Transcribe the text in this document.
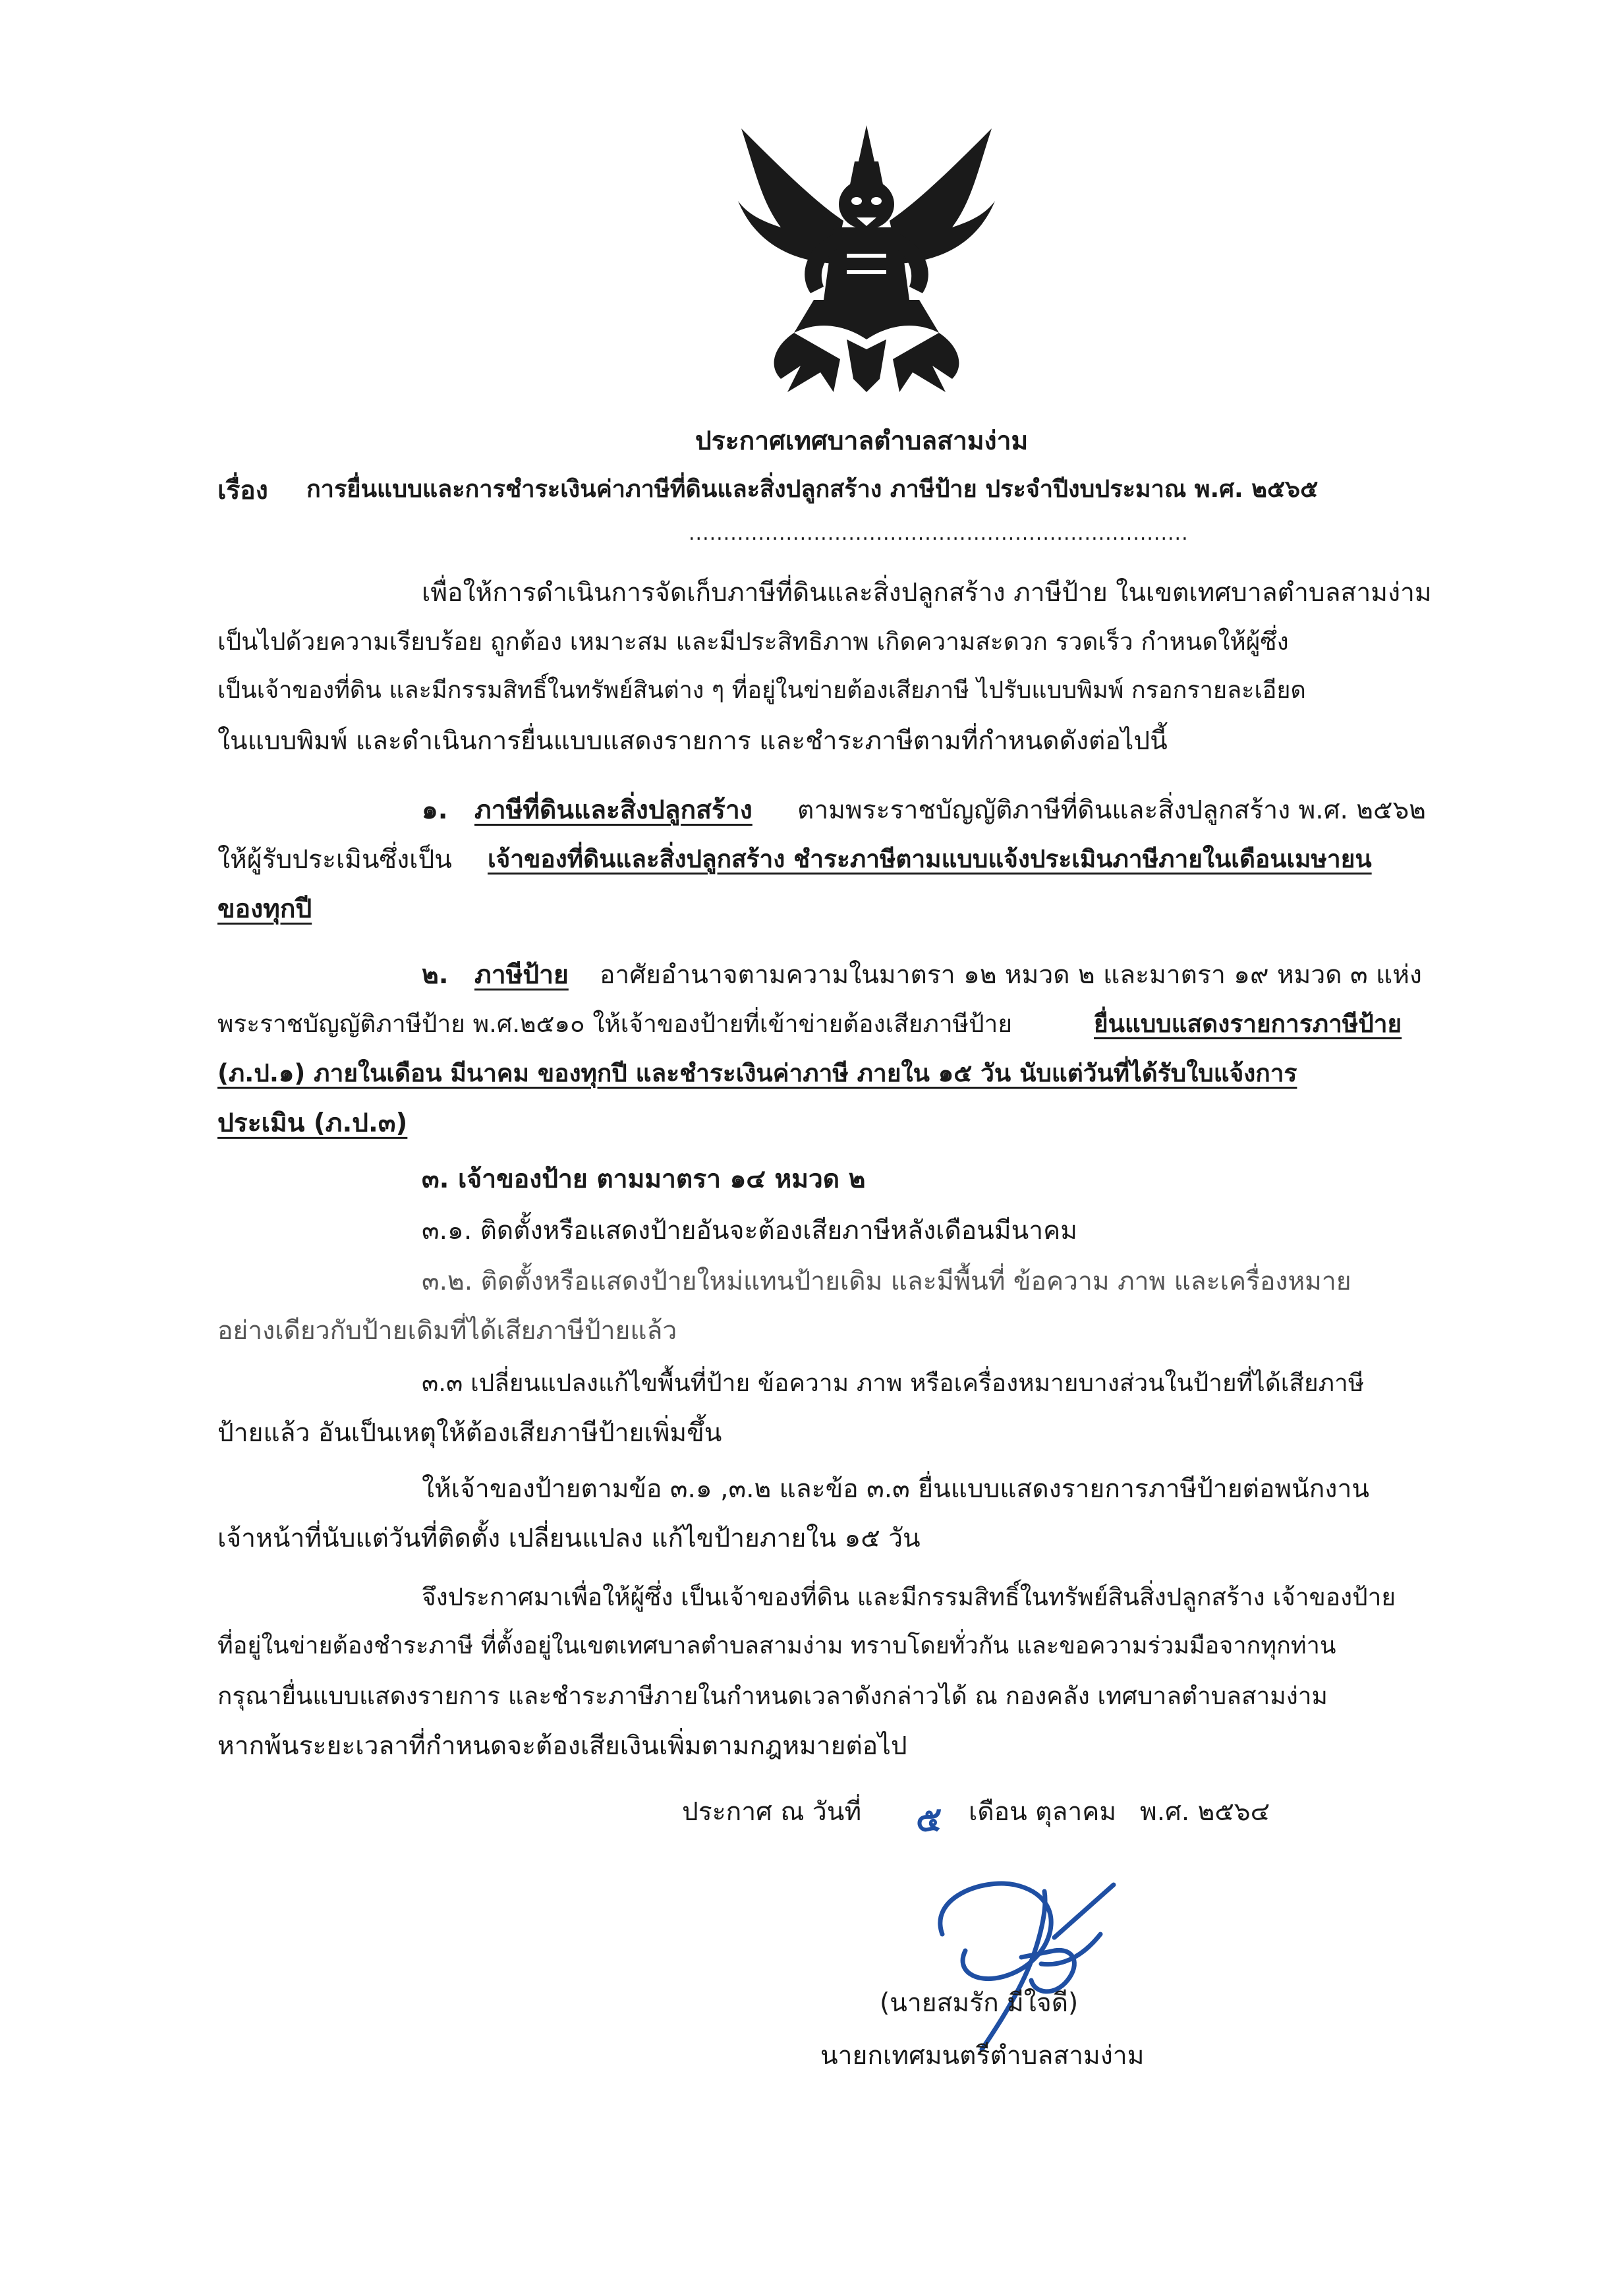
ประกาศเทศบาลตำบลสามง่าม
เรื่อง การยื่นแบบและการชำระเงินค่าภาษีที่ดินและสิ่งปลูกสร้าง ภาษีป้าย ประจำปีงบประมาณ พ.ศ. ๒๕๖๕
........................................................................
เพื่อให้การดำเนินการจัดเก็บภาษีที่ดินและสิ่งปลูกสร้าง ภาษีป้าย ในเขตเทศบาลตำบลสามง่าม
เป็นไปด้วยความเรียบร้อย ถูกต้อง เหมาะสม และมีประสิทธิภาพ เกิดความสะดวก รวดเร็ว กำหนดให้ผู้ซึ่ง
เป็นเจ้าของที่ดิน และมีกรรมสิทธิ์ในทรัพย์สินต่าง ๆ ที่อยู่ในข่ายต้องเสียภาษี ไปรับแบบพิมพ์ กรอกรายละเอียด
ในแบบพิมพ์ และดำเนินการยื่นแบบแสดงรายการ และชำระภาษีตามที่กำหนดดังต่อไปนี้
๑. ภาษีที่ดินและสิ่งปลูกสร้าง ตามพระราชบัญญัติภาษีที่ดินและสิ่งปลูกสร้าง พ.ศ. ๒๕๖๒
ให้ผู้รับประเมินซึ่งเป็น เจ้าของที่ดินและสิ่งปลูกสร้าง ชำระภาษีตามแบบแจ้งประเมินภาษีภายในเดือนเมษายน
ของทุกปี
๒. ภาษีป้าย อาศัยอำนาจตามความในมาตรา ๑๒ หมวด ๒ และมาตรา ๑๙ หมวด ๓ แห่ง
พระราชบัญญัติภาษีป้าย พ.ศ.๒๕๑๐ ให้เจ้าของป้ายที่เข้าข่ายต้องเสียภาษีป้าย	ยื่นแบบแสดงรายการภาษีป้าย
(ภ.ป.๑) ภายในเดือน มีนาคม ของทุกปี และชำระเงินค่าภาษี ภายใน ๑๕ วัน นับแต่วันที่ได้รับใบแจ้งการ
ประเมิน (ภ.ป.๓)
๓. เจ้าของป้าย ตามมาตรา ๑๔ หมวด ๒
๓.๑. ติดตั้งหรือแสดงป้ายอันจะต้องเสียภาษีหลังเดือนมีนาคม
๓.๒. ติดตั้งหรือแสดงป้ายใหม่แทนป้ายเดิม และมีพื้นที่ ข้อความ ภาพ และเครื่องหมาย
อย่างเดียวกับป้ายเดิมที่ได้เสียภาษีป้ายแล้ว
๓.๓ เปลี่ยนแปลงแก้ไขพื้นที่ป้าย ข้อความ ภาพ หรือเครื่องหมายบางส่วนในป้ายที่ได้เสียภาษี
ป้ายแล้ว อันเป็นเหตุให้ต้องเสียภาษีป้ายเพิ่มขึ้น
ให้เจ้าของป้ายตามข้อ ๓.๑ ,๓.๒ และข้อ ๓.๓ ยื่นแบบแสดงรายการภาษีป้ายต่อพนักงาน
เจ้าหน้าที่นับแต่วันที่ติดตั้ง เปลี่ยนแปลง แก้ไขป้ายภายใน ๑๕ วัน
จึงประกาศมาเพื่อให้ผู้ซึ่ง เป็นเจ้าของที่ดิน และมีกรรมสิทธิ์ในทรัพย์สินสิ่งปลูกสร้าง เจ้าของป้าย
ที่อยู่ในข่ายต้องชำระภาษี ที่ตั้งอยู่ในเขตเทศบาลตำบลสามง่าม ทราบโดยทั่วกัน และขอความร่วมมือจากทุกท่าน
กรุณายื่นแบบแสดงรายการ และชำระภาษีภายในกำหนดเวลาดังกล่าวได้ ณ กองคลัง เทศบาลตำบลสามง่าม
หากพ้นระยะเวลาที่กำหนดจะต้องเสียเงินเพิ่มตามกฎหมายต่อไป
ประกาศ ณ วันที่ ๕ เดือน ตุลาคม พ.ศ. ๒๕๖๔
(นายสมรัก มีใจดี)
นายกเทศมนตรีตำบลสามง่าม
